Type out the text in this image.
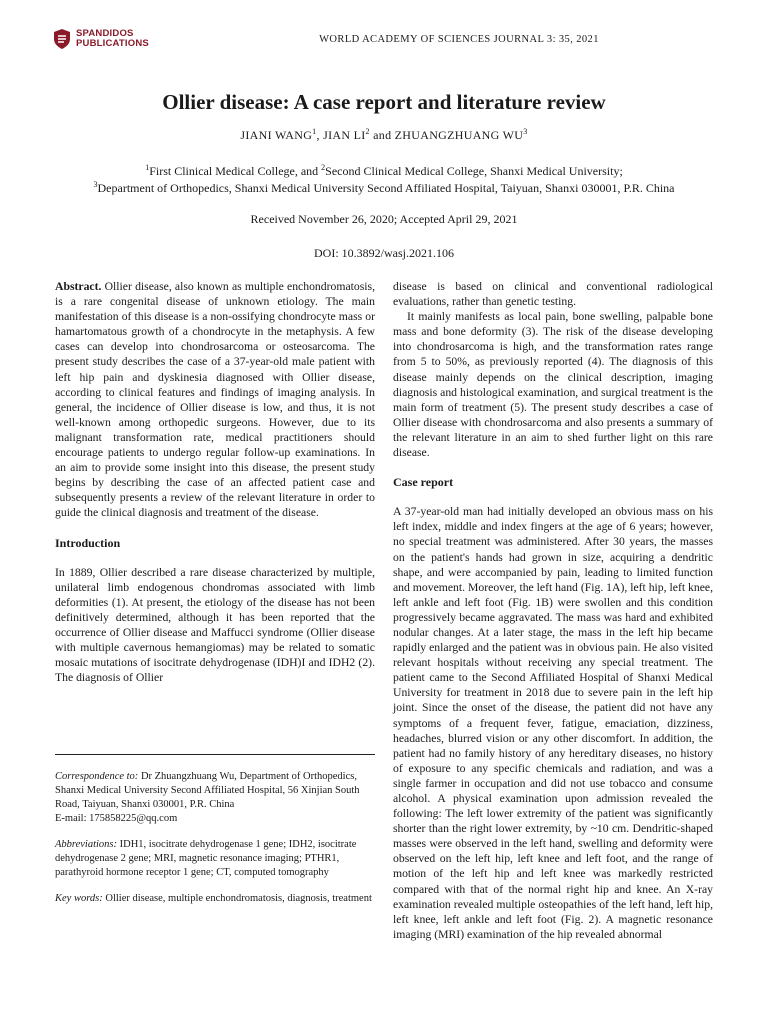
SPANDIDOS
PUBLICATIONS	WORLD ACADEMY OF SCIENCES JOURNAL 3: 35, 2021
Ollier disease: A case report and literature review
JIANI WANG$^1$, JIAN $LI^2$ and ZHUANGZHUANG $WU^3$
$^1$First Clinical Medical College, and $^2$Second Clinical Medical College, Shanxi Medical University;
$^3$Department of Orthopedics, Shanxi Medical University Second Affiliated Hospital, Taiyuan, Shanxi 030001, P.R. China
Received November 26, 2020; Accepted April 29, 2021
DOI: 10.3892/wasj.2021.106

Abstract. Ollier disease, also known as multiple enchondromatosis, is a rare congenital disease of unknown etiology. The main manifestation of this disease is a non-ossifying chondrocyte mass or hamartomatous growth of a chondrocyte in the metaphysis. A few cases can develop into chondrosarcoma or osteosarcoma. The present study describes the case of a 37-year-old male patient with left hip pain and dyskinesia diagnosed with Ollier disease, according to clinical features and findings of imaging analysis. In general, the incidence of Ollier disease is low, and thus, it is not well-known among orthopedic surgeons. However, due to its malignant transformation rate, medical practitioners should encourage patients to undergo regular follow-up examinations. In an aim to provide some insight into this disease, the present study begins by describing the case of an affected patient case and subsequently presents a review of the relevant literature in order to guide the clinical diagnosis and treatment of the disease.

Introduction

In 1889, Ollier described a rare disease characterized by multiple, unilateral limb endogenous chondromas associated with limb deformities (1). At present, the etiology of the disease has not been definitively determined, although it has been reported that the occurrence of Ollier disease and Maffucci syndrome (Ollier disease with multiple cavernous hemangiomas) may be related to somatic mosaic mutations of isocitrate dehydrogenase (IDH)I and IDH2 (2). The diagnosis of Ollier

Correspondence to: Dr Zhuangzhuang Wu, Department of Orthopedics, Shanxi Medical University Second Affiliated Hospital, 56 Xinjian South Road, Taiyuan, Shanxi 030001, P.R. China
E-mail: 175858225@qq.com

Abbreviations: IDH1, isocitrate dehydrogenase 1 gene; IDH2, isocitrate dehydrogenase 2 gene; MRI, magnetic resonance imaging; PTHR1, parathyroid hormone receptor 1 gene; CT, computed tomography

Key words: Ollier disease, multiple enchondromatosis, diagnosis, treatment

disease is based on clinical and conventional radiological evaluations, rather than genetic testing.

It mainly manifests as local pain, bone swelling, palpable bone mass and bone deformity (3). The risk of the disease developing into chondrosarcoma is high, and the transformation rates range from 5 to 50%, as previously reported (4). The diagnosis of this disease mainly depends on the clinical description, imaging diagnosis and histological examination, and surgical treatment is the main form of treatment (5). The present study describes a case of Ollier disease with chondrosarcoma and also presents a summary of the relevant literature in an aim to shed further light on this rare disease.

Case report

A 37-year-old man had initially developed an obvious mass on his left index, middle and index fingers at the age of 6 years; however, no special treatment was administered. After 30 years, the masses on the patient's hands had grown in size, acquiring a dendritic shape, and were accompanied by pain, leading to limited function and movement. Moreover, the left hand (Fig. 1A), left hip, left knee, left ankle and left foot (Fig. 1B) were swollen and this condition progressively became aggravated. The mass was hard and exhibited nodular changes. At a later stage, the mass in the left hip became rapidly enlarged and the patient was in obvious pain. He also visited relevant hospitals without receiving any special treatment. The patient came to the Second Affiliated Hospital of Shanxi Medical University for treatment in 2018 due to severe pain in the left hip joint. Since the onset of the disease, the patient did not have any symptoms of a frequent fever, fatigue, emaciation, dizziness, headaches, blurred vision or any other discomfort. In addition, the patient had no family history of any hereditary diseases, no history of exposure to any specific chemicals and radiation, and was a single farmer in occupation and did not use tobacco and consume alcohol. A physical examination upon admission revealed the following: The left lower extremity of the patient was significantly shorter than the right lower extremity, by ~10 cm. Dendritic-shaped masses were observed in the left hand, swelling and deformity were observed on the left hip, left knee and left foot, and the range of motion of the left hip and left knee was markedly restricted compared with that of the normal right hip and knee. An X-ray examination revealed multiple osteopathies of the left hand, left hip, left knee, left ankle and left foot (Fig. 2). A magnetic resonance imaging (MRI) examination of the hip revealed abnormal
